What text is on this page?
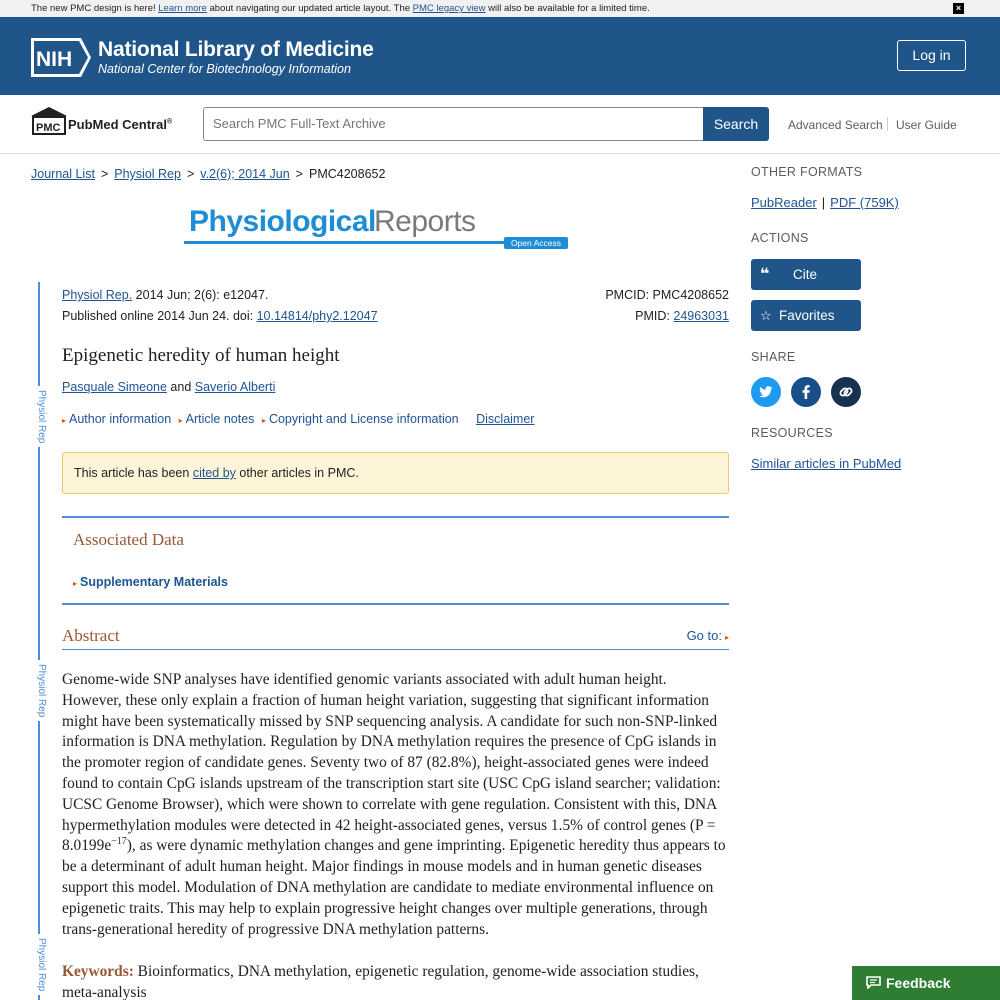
The new PMC design is here! Learn more about navigating our updated article layout. The PMC legacy view will also be available for a limited time.	×
NIH National Library of Medicine
National Center for Biotechnology Information
Log in
PMC PubMed Central®	Search PMC Full-Text Archive	Search	Advanced Search User Guide
Journal List > Physiol Rep > v.2(6); 2014 Jun > PMC4208652
Physiological
Reports
Open Access
Physiol Rep
Physiol Rep
Physiol Rep
Physiol Rep. 2014 Jun; 2(6): e12047.
Published online 2014 Jun 24. doi: 10.14814/phy2.12047
PMCID: PMC4208652
PMID: 24963031
Epigenetic heredity of human height
Pasquale Simeone and Saverio Alberti
▸ Author information ▸ Article notes ▸ Copyright and License information Disclaimer
This article has been cited by other articles in PMC.
Associated Data
▸ Supplementary Materials
Abstract	Go to: ▸

Genome-wide SNP analyses have identified genomic variants associated with adult human height. However, these only explain a fraction of human height variation, suggesting that significant information might have been systematically missed by SNP sequencing analysis. A candidate for such non-SNP-linked information is DNA methylation. Regulation by DNA methylation requires the presence of CpG islands in the promoter region of candidate genes. Seventy two of 87 (82.8%), height-associated genes were indeed found to contain CpG islands upstream of the transcription start site (USC CpG island searcher; validation: UCSC Genome Browser), which were shown to correlate with gene regulation. Consistent with this, DNA hypermethylation modules were detected in 42 height-associated genes, versus 1.5% of control genes $(P = 8.0199e^{-17})$, as were dynamic methylation changes and gene imprinting. Epigenetic heredity thus appears to be a determinant of adult human height. Major findings in mouse models and in human genetic diseases support this model. Modulation of DNA methylation are candidate to mediate environmental influence on epigenetic traits. This may help to explain progressive height changes over multiple generations, through trans-generational heredity of progressive DNA methylation patterns.

Keywords: Bioinformatics, DNA methylation, epigenetic regulation, genome-wide association studies, meta-analysis

OTHER FORMATS
PubReader | PDF (759K)
ACTIONS
❝ Cite
☆ Favorites
SHARE
RESOURCES
Similar articles in PubMed
Feedback
